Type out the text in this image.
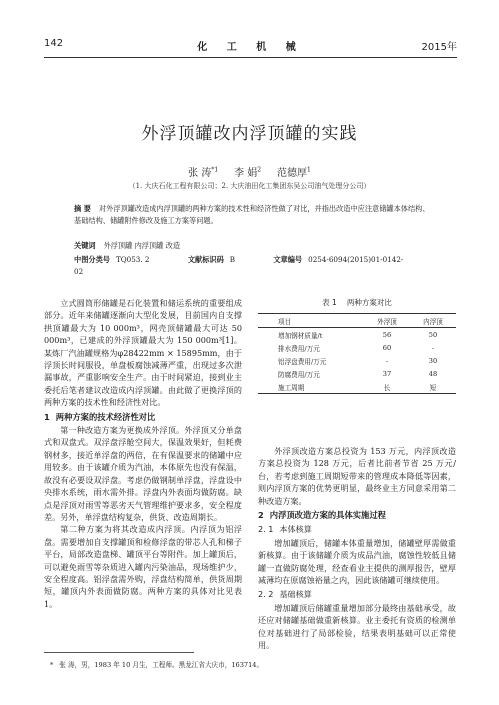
142	化 工 机 械	2015年
外浮顶罐改内浮顶罐的实践
张 涛$^{*1}$ 李 娟$^2$ 范德厚$^1$
（1. 大庆石化工程有限公司；2. 大庆油田化工集团东吴公司油气处理分公司）
摘 要 对外浮顶罐改造成内浮顶罐的两种方案的技术性和经济性做了对比，并指出改造中应注意储罐本体结构、基础结构、储罐附件修改及施工方案等问题。
关键词 外浮顶罐 内浮顶罐 改造
中图分类号 TQ053. 2	文献标识码 B	文章编号 0254-6094(2015)01-0142-02

立式圆筒形储罐是石化装置和储运系统的重要组成部分。近年来储罐逐渐向大型化发展，目前国内自支撑拱顶罐最大为 10 000m³，网壳顶储罐最大可达 50 000m³，已建成的外浮顶罐最大为 150 000m³[1]。某炼厂汽油罐规格为φ28422mm × 15895mm，由于浮顶长时间服役，单盘板腐蚀减薄严重，出现过多次泄漏事故，严重影响安全生产。由于时间紧迫，接到业主委托后笔者建议改造成内浮顶罐。由此做了更换浮顶的两种方案的技术性和经济性对比。

1 两种方案的技术经济性对比

第一种改造方案为更换成外浮顶。外浮顶又分单盘式和双盘式。双浮盘浮舱空间大，保温效果好，但耗费钢材多，接近单浮盘的两倍，在有保温要求的储罐中应用较多。由于该罐介质为汽油，本体原先也没有保温，故没有必要设双浮盘。考虑仍做钢制单浮盘，浮盘设中央排水系统，雨水需外排。浮盘内外表面均做防腐。缺点是浮顶对雨雪等恶劣天气管理维护要求多，安全程度差。另外，单浮盘结构复杂，供货、改造周期长。

第二种方案为将其改造成内浮顶。内浮顶为铝浮盘。需要增加自支撑罐顶和检修浮盘的带芯人孔和梯子平台，局部改造盘梯、罐顶平台等附件。加上罐顶后，可以避免雨雪等杂质进入罐内污染油品，现场维护少，安全程度高。铝浮盘需外购，浮盘结构简单，供货周期短，罐顶内外表面做防腐。两种方案的具体对比见表 1。

表 1 两种方案对比
项目	外浮顶	内浮顶
增加钢材质量/t	56	50
排水费用/万元	60	-
铝浮盘费用/万元	-	30
防腐费用/万元	37	48
施工周期	长	短

外浮顶改造方案总投资为 153 万元，内浮顶改造方案总投资为 128 万元，后者比前者节省 25 万元/台，若考虑到施工周期短带来的管理成本降低等因素，则内浮顶方案的优势更明显，最终业主方同意采用第二种改造方案。

2 内浮顶改造方案的具体实施过程
2. 1 本体核算

增加罐顶后，储罐本体重量增加，储罐壁厚需做重新核算。由于该储罐介质为成品汽油，腐蚀性较低且储罐一直做防腐处理，经查看业主提供的测厚报告，壁厚减薄均在原腐蚀裕量之内，因此该储罐可继续使用。

2. 2 基础核算

增加罐顶后储罐重量增加部分最终由基础承受，故还应对储罐基础做重新核算。业主委托有资质的检测单位对基础进行了局部检验，结果表明基础可以正常使用。

* 张 涛，男，1983 年 10 月生，工程师。黑龙江省大庆市，163714。
